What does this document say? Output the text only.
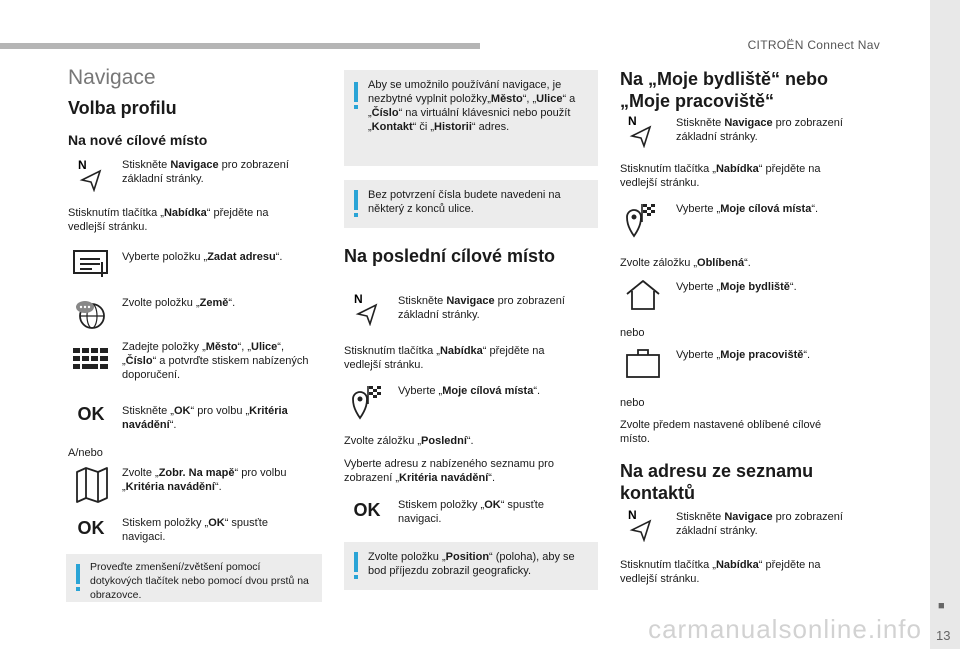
CITROËN Connect Nav
■
13
carmanualsonline.info
Navigace
Volba profilu
Na nové cílové místo
N	Stiskněte Navigace pro zobrazení základní stránky.
Stisknutím tlačítka „Nabídka“ přejděte na vedlejší stránku.
Vyberte položku „Zadat adresu“.
Zvolte položku „Země“.
Zadejte položky „Město“, „Ulice“, „Číslo“ a potvrďte stiskem nabízených doporučení.
OK	Stiskněte „OK“ pro volbu „Kritéria navádění“.
A/nebo
Zvolte „Zobr. Na mapě“ pro volbu „Kritéria navádění“.
OK	Stiskem položky „OK“ spusťte navigaci.
Proveďte zmenšení/zvětšení pomocí dotykových tlačítek nebo pomocí dvou prstů na obrazovce.
Aby se umožnilo používání navigace, je nezbytné vyplnit položky„Město“, „Ulice“ a „Číslo“ na virtuální klávesnici nebo použít „Kontakt“ či „Historii“ adres.
Bez potvrzení čísla budete navedeni na některý z konců ulice.
Na poslední cílové místo
N	Stiskněte Navigace pro zobrazení základní stránky.
Stisknutím tlačítka „Nabídka“ přejděte na vedlejší stránku.
Vyberte „Moje cílová místa“.
Zvolte záložku „Poslední“.
Vyberte adresu z nabízeného seznamu pro zobrazení „Kritéria navádění“.
OK	Stiskem položky „OK“ spusťte navigaci.
Zvolte položku „Position“ (poloha), aby se bod příjezdu zobrazil geograficky.
Na „Moje bydliště“ nebo „Moje pracoviště“
N	Stiskněte Navigace pro zobrazení základní stránky.
Stisknutím tlačítka „Nabídka“ přejděte na vedlejší stránku.
Vyberte „Moje cílová místa“.
Zvolte záložku „Oblíbená“.
Vyberte „Moje bydliště“.
nebo
Vyberte „Moje pracoviště“.
nebo
Zvolte předem nastavené oblíbené cílové místo.
Na adresu ze seznamu kontaktů
N	Stiskněte Navigace pro zobrazení základní stránky.
Stisknutím tlačítka „Nabídka“ přejděte na vedlejší stránku.
